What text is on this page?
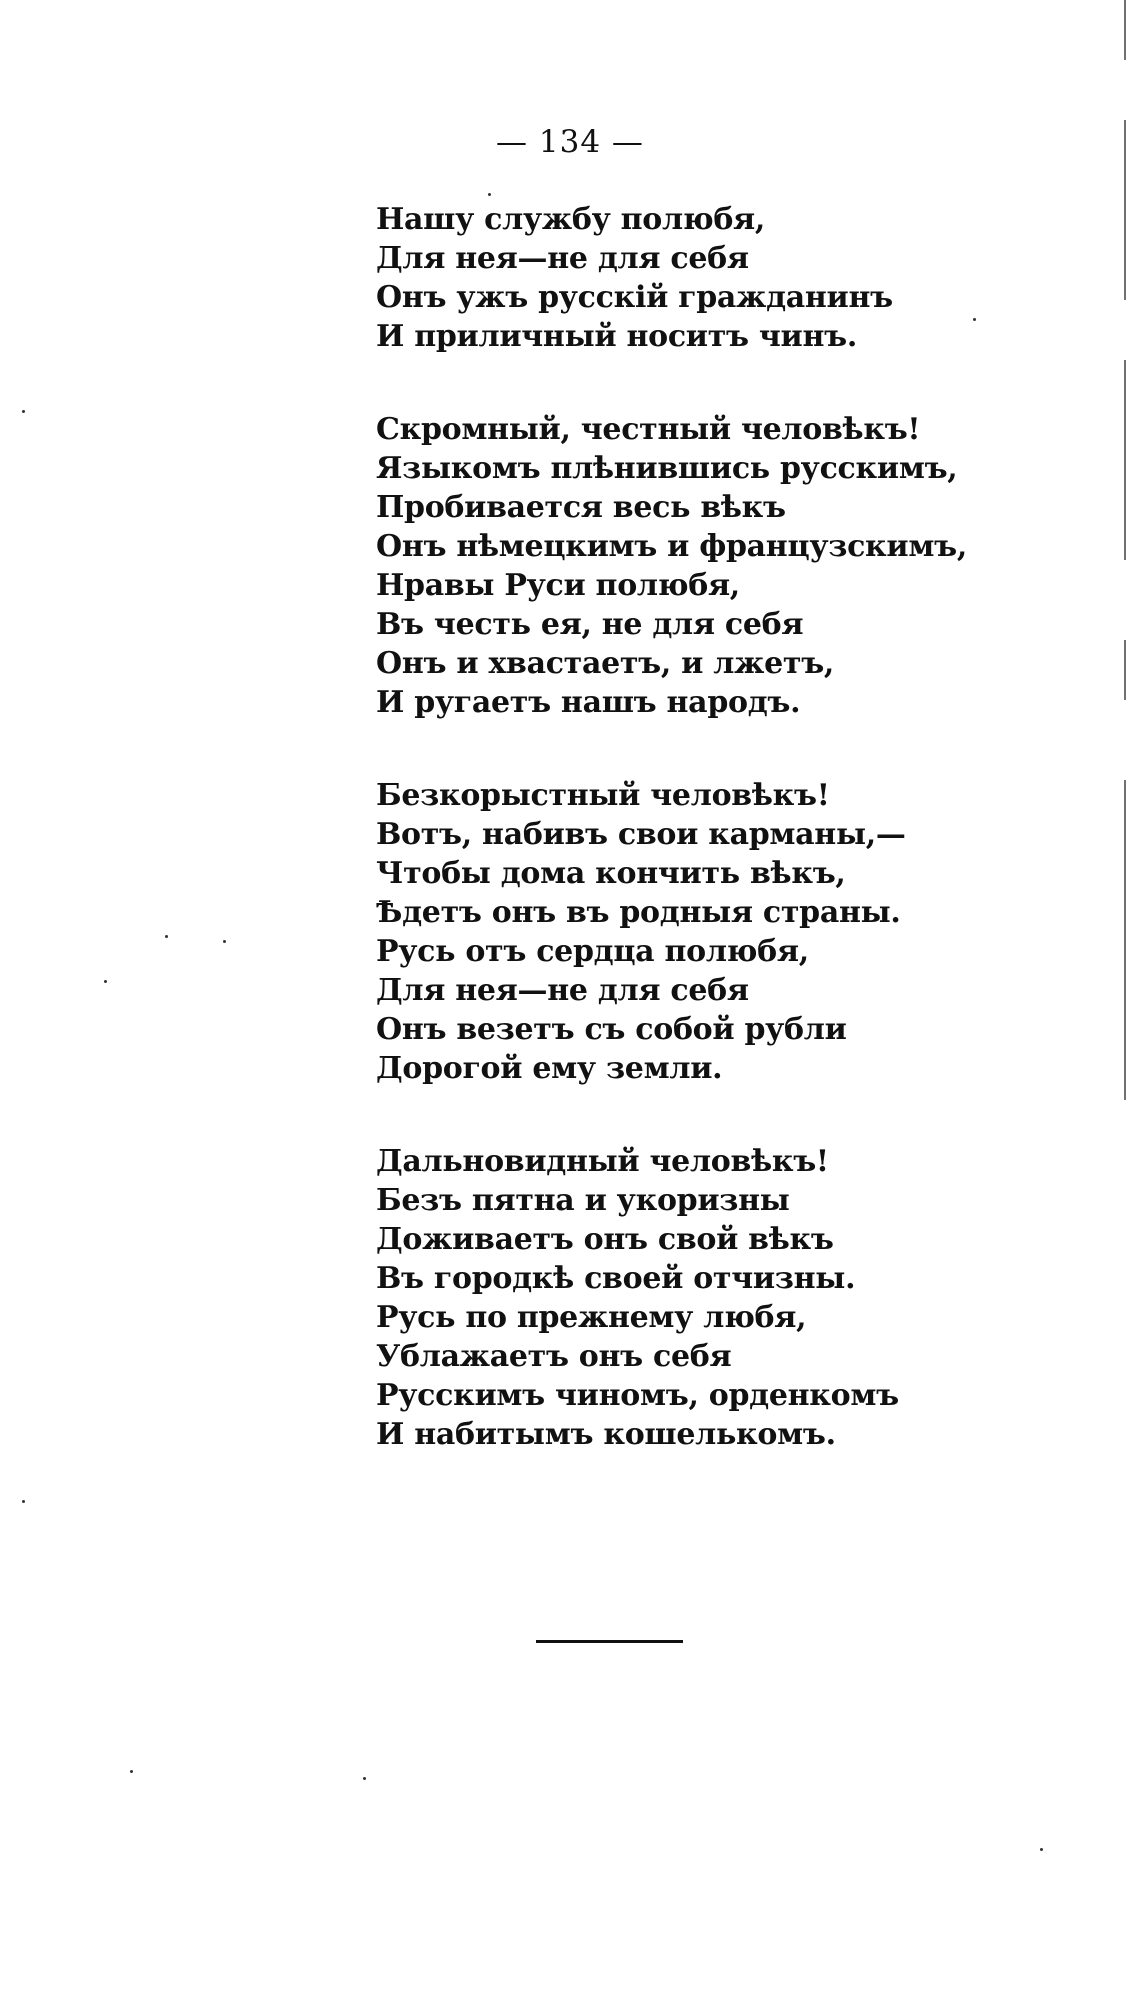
— 134 —
Нашу службу полюбя,
Для нея—не для себя
Онъ ужъ русскій гражданинъ
И приличный носитъ чинъ.
Скромный, честный человѣкъ!
Языкомъ плѣнившись русскимъ,
Пробивается весь вѣкъ
Онъ нѣмецкимъ и французскимъ,
Нравы Руси полюбя,
Въ честь ея, не для себя
Онъ и хвастаетъ, и лжетъ,
И ругаетъ нашъ народъ.
Безкорыстный человѣкъ!
Вотъ, набивъ свои карманы,—
Чтобы дома кончить вѣкъ,
Ѣдетъ онъ въ родныя страны.
Русь отъ сердца полюбя,
Для нея—не для себя
Онъ везетъ съ собой рубли
Дорогой ему земли.
Дальновидный человѣкъ!
Безъ пятна и укоризны
Доживаетъ онъ свой вѣкъ
Въ городкѣ своей отчизны.
Русь по прежнему любя,
Ублажаетъ онъ себя
Русскимъ чиномъ, орденкомъ
И набитымъ кошелькомъ.
